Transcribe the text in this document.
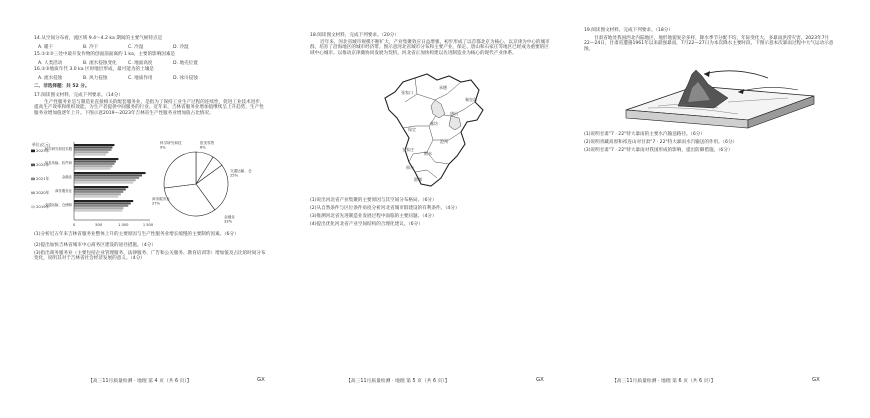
14.从空间分布看，流区域 9.4～4.2 ka 期间的主要气候特点是
A. 暖干	B. 冷干	C. 冷湿	D. 冷湿
15.①②③三处中最开发作物的创面前面离约 1 ka，主要的影响因素是
A. 人类活动	B. 流水侵蚀变化 C. 地面高度	D. 地壳位置
16.①③地质年代 3.0 ka 区时地层形成，最可能为的土壤是
A. 流水侵蚀	B. 风力侵蚀	C. 地质作用	D. 冰川侵蚀
二、非选择题：共 52 分。
17.阅读图文材料，完成下列要求。（14分）
生产性服务业是与制造业直接相关的配套服务业，是指为了保持工业生产过程的连续性，促进工业技术进步，提高生产效率和组织效能，为生产者提供中间服务的行业。近年来，吉林省服务业增加值继续呈上升趋势，生产性服务业增加值逐年上升。下图示意2019—2023年吉林省生产性服务业增加值占比情况。
单位(亿元)
2023年
2022年
2021年
2020年
2019年
科学研究和技术服
信息传输、软件和
金融业
商务服务业
交通运输、仓储和
0	500	1 000	1 500
科学研究和技
9%
批发零售
6%
交通运输、仓
25%
金融业
33%
商务服务业
27%
(1)分析近五年来吉林省服务业整体上升的主要原因与生产性服务业增长缓慢的主要制约因素。（6分）
(2)提出加快吉林省城市中心商务区建设的途径措施。（4分）
(3)指出商务服务业（主要包括企业管理服务、法律服务、广告和公关服务、教育培训等）增加值及占比的时间分布变化，说明其对于吉林省社会经济发展的意义。（4分）
【高三11月质量检测 · 地理 第 4 页（共 6 页）】	GX
18.阅读图文材料，完成下列要求。（20分）
近年来，河北省城市规模不断扩大，产业集聚效应日益增强，初步形成了以首都北京为核心、以京津为中心的城市群，培育了沿海地区的城市经济带。图示意河北省城市分布和主要产业，保定、唐山和石家庄等地区已经成为重要的区域中心城市。以推动京津冀协同发展为契机，河北省正加快构建以先进制造业为核心的现代产业体系。
张家口
承德
秦皇岛
唐山
廊坊
保定
沧州
衡水
石家庄
邢台
邯郸
(1)说出河北省产业集聚的主要原因与其空间分布格局。（6分）
(2)从自然条件与区位条件角度分析河北省城市群建设的有利条件。（4分）
(3)推测河北省先进制造业发展过程中面临的主要问题。（4分）
(4)提出优化河北省产业空间结构的合理化建议。（6分）
【高三11月质量检测 · 地理 第 5 页（共 6 页）】	GX
19.阅读图文材料，完成下列要求。（18分）
甘肃省地处我国西北内陆地区，地形地貌复杂多样，降水季节分配不均，年际变化大，多暴雨洪涝灾害。2023年7月22—24日，甘肃省遭遇1961年以来最强暴雨，7月22—27日为本次降水主要时段。下图示意本次暴雨过程中大气运动示意图。
(1)说明甘肃"7 · 22"特大暴雨的主要水汽输送路径。（6分）
(2)说明青藏高原和祁连山对甘肃"7 · 22"特大暴雨水汽输送的作用。（6分）
(3)说明甘肃"7 · 22"特大暴雨对我国形成的影响，提出防御措施。（6分）
【高三11月质量检测 · 地理 第 6 页（共 6 页）】	GX
